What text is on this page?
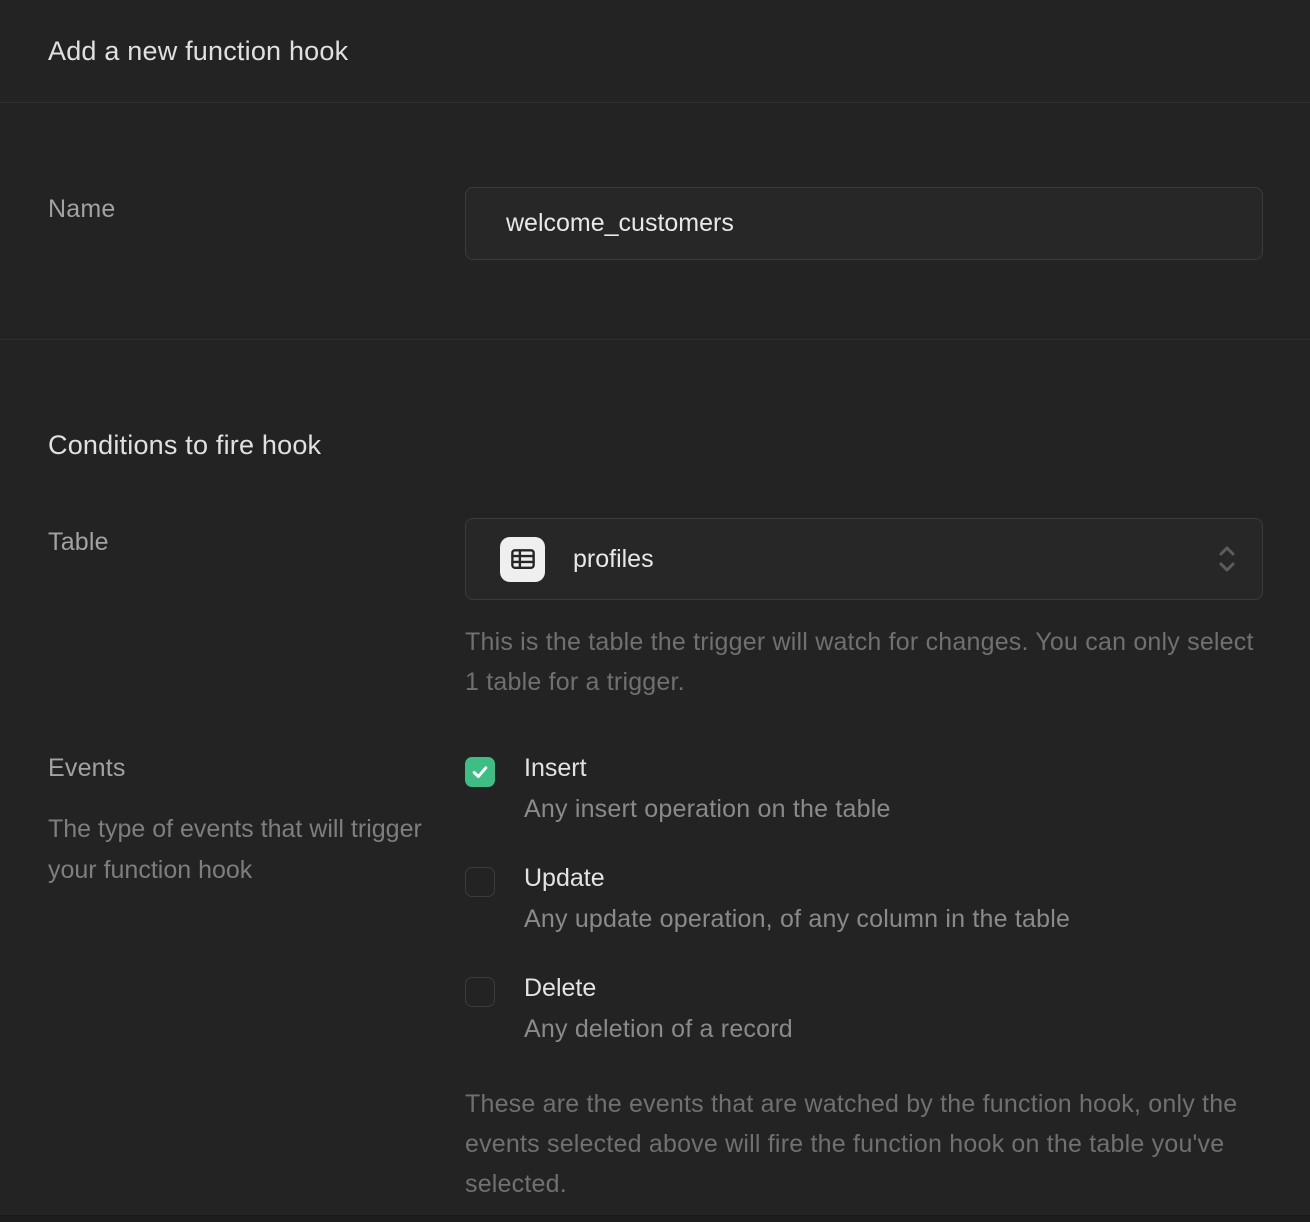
Add a new function hook
Name
welcome_customers
Conditions to fire hook
Table
profiles
This is the table the trigger will watch for changes. You can only select 1 table for a trigger.
Events
The type of events that will trigger your function hook
Insert
Any insert operation on the table
Update
Any update operation, of any column in the table
Delete
Any deletion of a record
These are the events that are watched by the function hook, only the events selected above will fire the function hook on the table you've selected.
